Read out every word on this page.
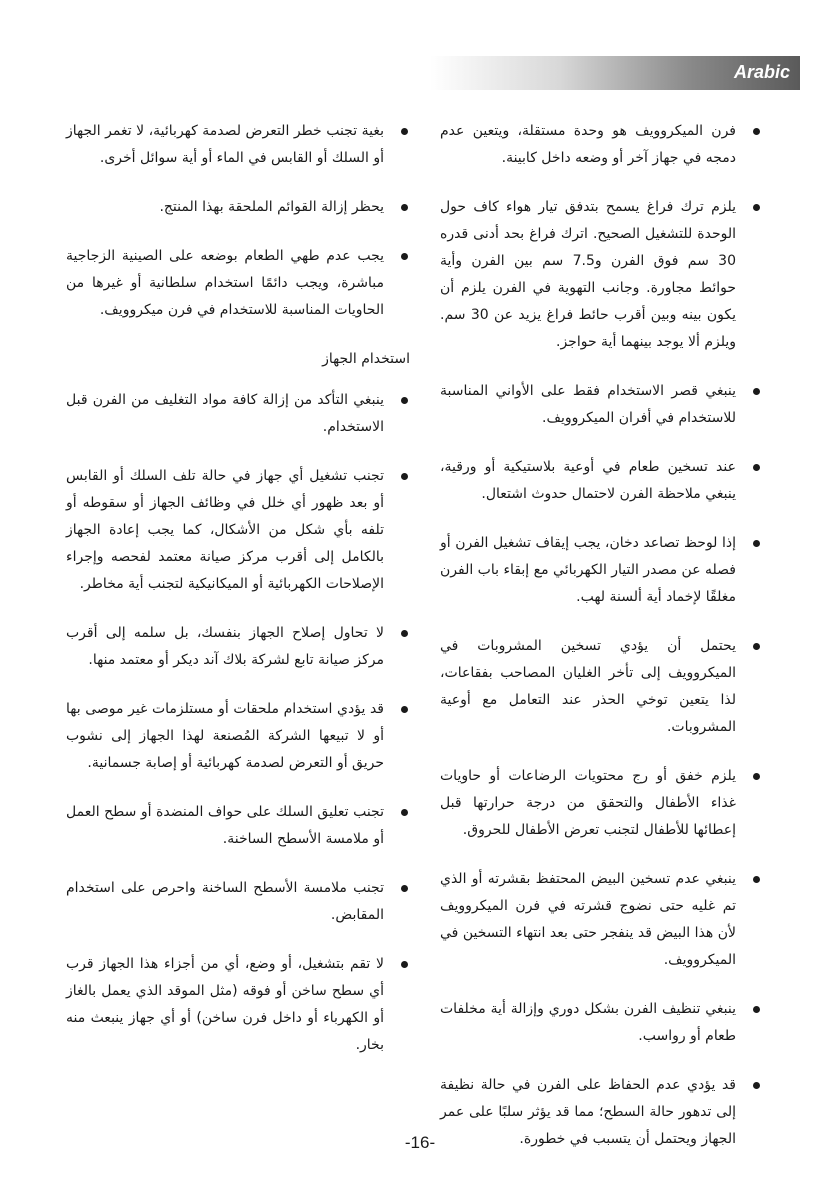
Arabic
فرن الميكروويف هو وحدة مستقلة، ويتعين عدم دمجه في جهاز آخر أو وضعه داخل كابينة.
يلزم ترك فراغ يسمح بتدفق تيار هواء كاف حول الوحدة للتشغيل الصحيح. اترك فراغ بحد أدنى قدره 30 سم فوق الفرن و7.5 سم بين الفرن وأية حوائط مجاورة. وجانب التهوية في الفرن يلزم أن يكون بينه وبين أقرب حائط فراغ يزيد عن 30 سم. ويلزم ألا يوجد بينهما أية حواجز.
ينبغي قصر الاستخدام فقط على الأواني المناسبة للاستخدام في أفران الميكروويف.
عند تسخين طعام في أوعية بلاستيكية أو ورقية، ينبغي ملاحظة الفرن لاحتمال حدوث اشتعال.
إذا لوحظ تصاعد دخان، يجب إيقاف تشغيل الفرن أو فصله عن مصدر التيار الكهربائي مع إبقاء باب الفرن مغلقًا لإخماد أية ألسنة لهب.
يحتمل أن يؤدي تسخين المشروبات في الميكروويف إلى تأخر الغليان المصاحب بفقاعات، لذا يتعين توخي الحذر عند التعامل مع أوعية المشروبات.
يلزم خفق أو رج محتويات الرضاعات أو حاويات غذاء الأطفال والتحقق من درجة حرارتها قبل إعطائها للأطفال لتجنب تعرض الأطفال للحروق.
ينبغي عدم تسخين البيض المحتفظ بقشرته أو الذي تم غليه حتى نضوج قشرته في فرن الميكروويف لأن هذا البيض قد ينفجر حتى بعد انتهاء التسخين في الميكروويف.
ينبغي تنظيف الفرن بشكل دوري وإزالة أية مخلفات طعام أو رواسب.
قد يؤدي عدم الحفاظ على الفرن في حالة نظيفة إلى تدهور حالة السطح؛ مما قد يؤثر سلبًا على عمر الجهاز ويحتمل أن يتسبب في خطورة.
بغية تجنب خطر التعرض لصدمة كهربائية، لا تغمر الجهاز أو السلك أو القابس في الماء أو أية سوائل أخرى.
يحظر إزالة القوائم الملحقة بهذا المنتج.
يجب عدم طهي الطعام بوضعه على الصينية الزجاجية مباشرة، ويجب دائمًا استخدام سلطانية أو غيرها من الحاويات المناسبة للاستخدام في فرن ميكروويف.
استخدام الجهاز
ينبغي التأكد من إزالة كافة مواد التغليف من الفرن قبل الاستخدام.
تجنب تشغيل أي جهاز في حالة تلف السلك أو القابس أو بعد ظهور أي خلل في وظائف الجهاز أو سقوطه أو تلفه بأي شكل من الأشكال، كما يجب إعادة الجهاز بالكامل إلى أقرب مركز صيانة معتمد لفحصه وإجراء الإصلاحات الكهربائية أو الميكانيكية لتجنب أية مخاطر.
لا تحاول إصلاح الجهاز بنفسك، بل سلمه إلى أقرب مركز صيانة تابع لشركة بلاك آند ديكر أو معتمد منها.
قد يؤدي استخدام ملحقات أو مستلزمات غير موصى بها أو لا تبيعها الشركة المُصنعة لهذا الجهاز إلى نشوب حريق أو التعرض لصدمة كهربائية أو إصابة جسمانية.
تجنب تعليق السلك على حواف المنضدة أو سطح العمل أو ملامسة الأسطح الساخنة.
تجنب ملامسة الأسطح الساخنة واحرص على استخدام المقابض.
لا تقم بتشغيل، أو وضع، أي من أجزاء هذا الجهاز قرب أي سطح ساخن أو فوقه (مثل الموقد الذي يعمل بالغاز أو الكهرباء أو داخل فرن ساخن) أو أي جهاز ينبعث منه بخار.
-16-
